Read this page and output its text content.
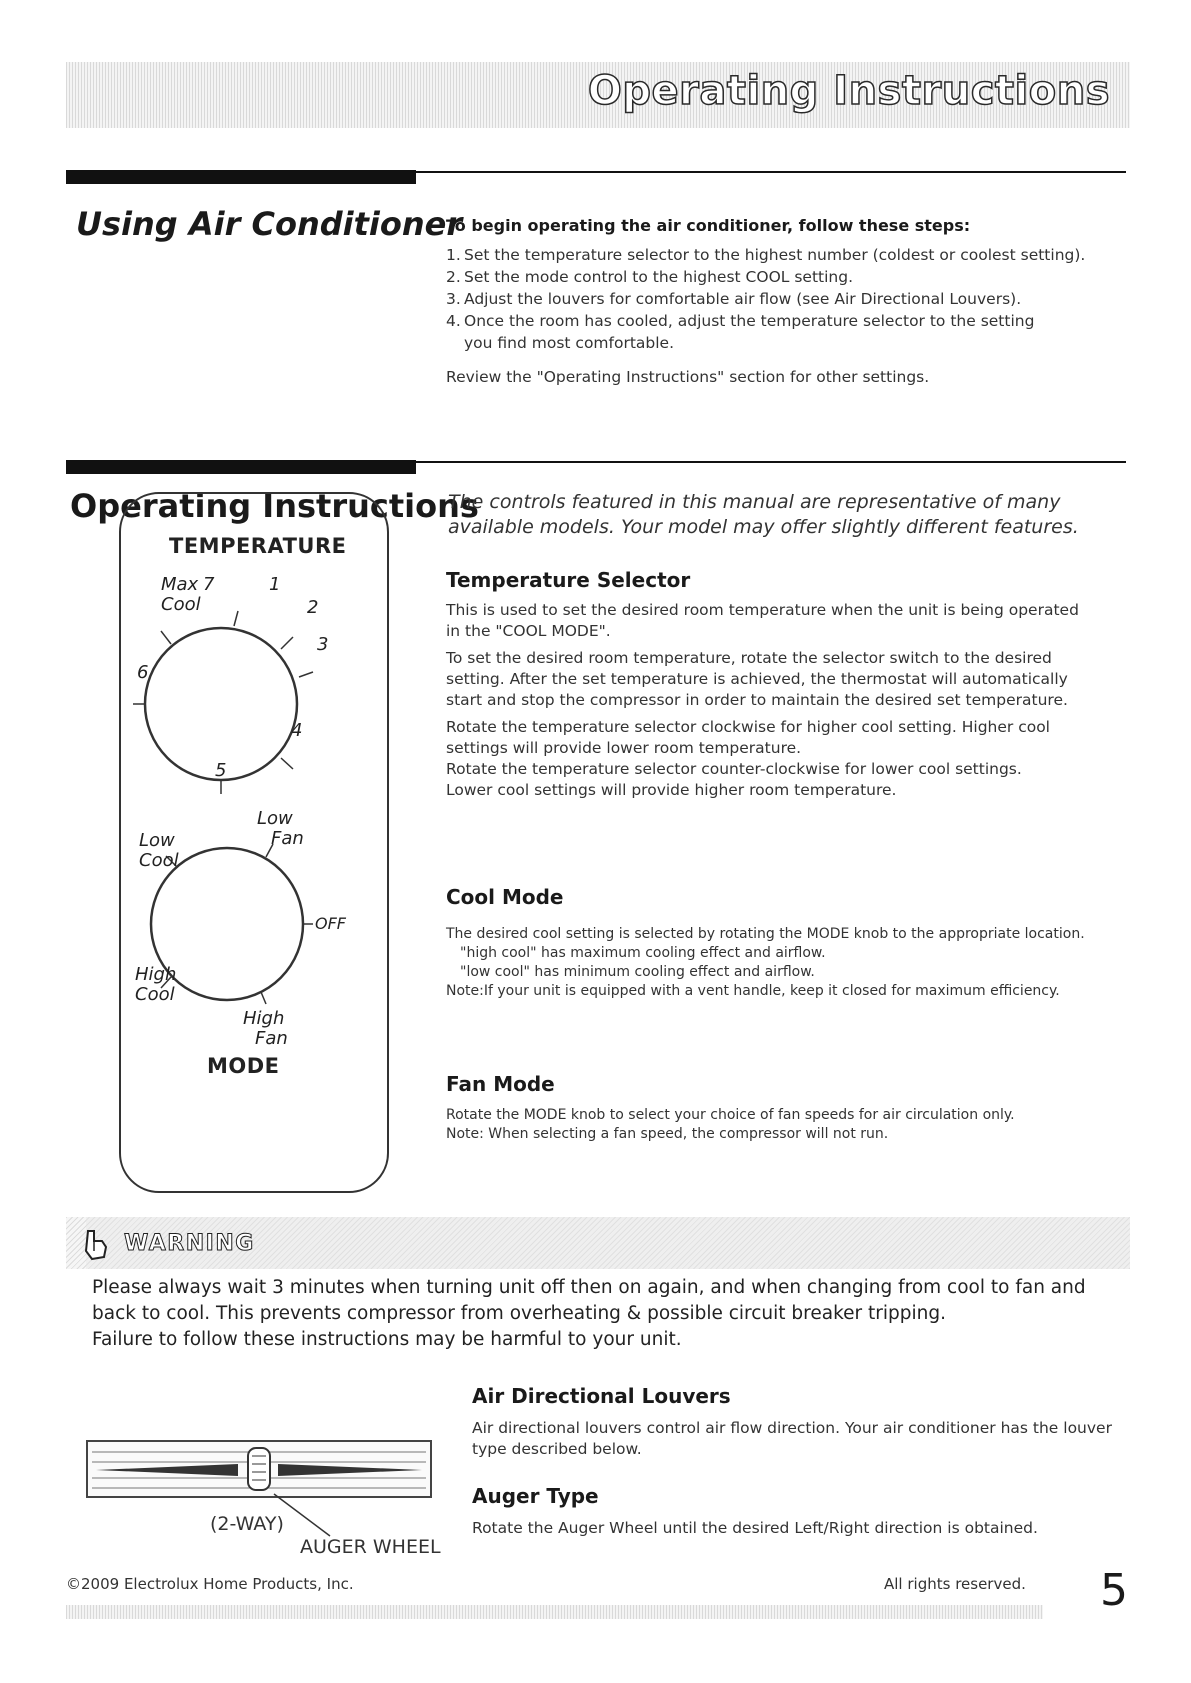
Operating Instructions
Using Air Conditioner
To begin operating the air conditioner, follow these steps:
1. Set the temperature selector to the highest number (coldest or coolest setting).
2. Set the mode control to the highest COOL setting.
3. Adjust the louvers for comfortable air flow (see Air Directional Louvers).
4. Once the room has cooled, adjust the temperature selector to the setting you find most comfortable.

Review the "Operating Instructions" section for other settings.

Operating Instructions
The controls featured in this manual are representative of many available models. Your model may offer slightly different features.
TEMPERATURE
Max
Cool
7	1
2
3
4
5
6
Low
Fan
Low
Cool
OFF
High
Cool
High
Fan
MODE
Temperature Selector

This is used to set the desired room temperature when the unit is being operated in the "COOL MODE".

To set the desired room temperature, rotate the selector switch to the desired setting. After the set temperature is achieved, the thermostat will automatically start and stop the compressor in order to maintain the desired set temperature.

Rotate the temperature selector clockwise for higher cool setting. Higher cool settings will provide lower room temperature.

Rotate the temperature selector counter-clockwise for lower cool settings.

Lower cool settings will provide higher room temperature.

Cool Mode
The desired cool setting is selected by rotating the MODE knob to the appropriate location.
"high cool" has maximum cooling effect and airflow.
"low cool" has minimum cooling effect and airflow.
Note:If your unit is equipped with a vent handle, keep it closed for maximum efficiency.
Fan Mode
Rotate the MODE knob to select your choice of fan speeds for air circulation only.
Note: When selecting a fan speed, the compressor will not run.
WARNING
Please always wait 3 minutes when turning unit off then on again, and when changing from cool to fan and back to cool. This prevents compressor from overheating & possible circuit breaker tripping.
Failure to follow these instructions may be harmful to your unit.
(2-WAY)
AUGER WHEEL
Air Directional Louvers

Air directional louvers control air flow direction. Your air conditioner has the louver type described below.

Auger Type

Rotate the Auger Wheel until the desired Left/Right direction is obtained.

©2009 Electrolux Home Products, Inc.	All rights reserved. 5
